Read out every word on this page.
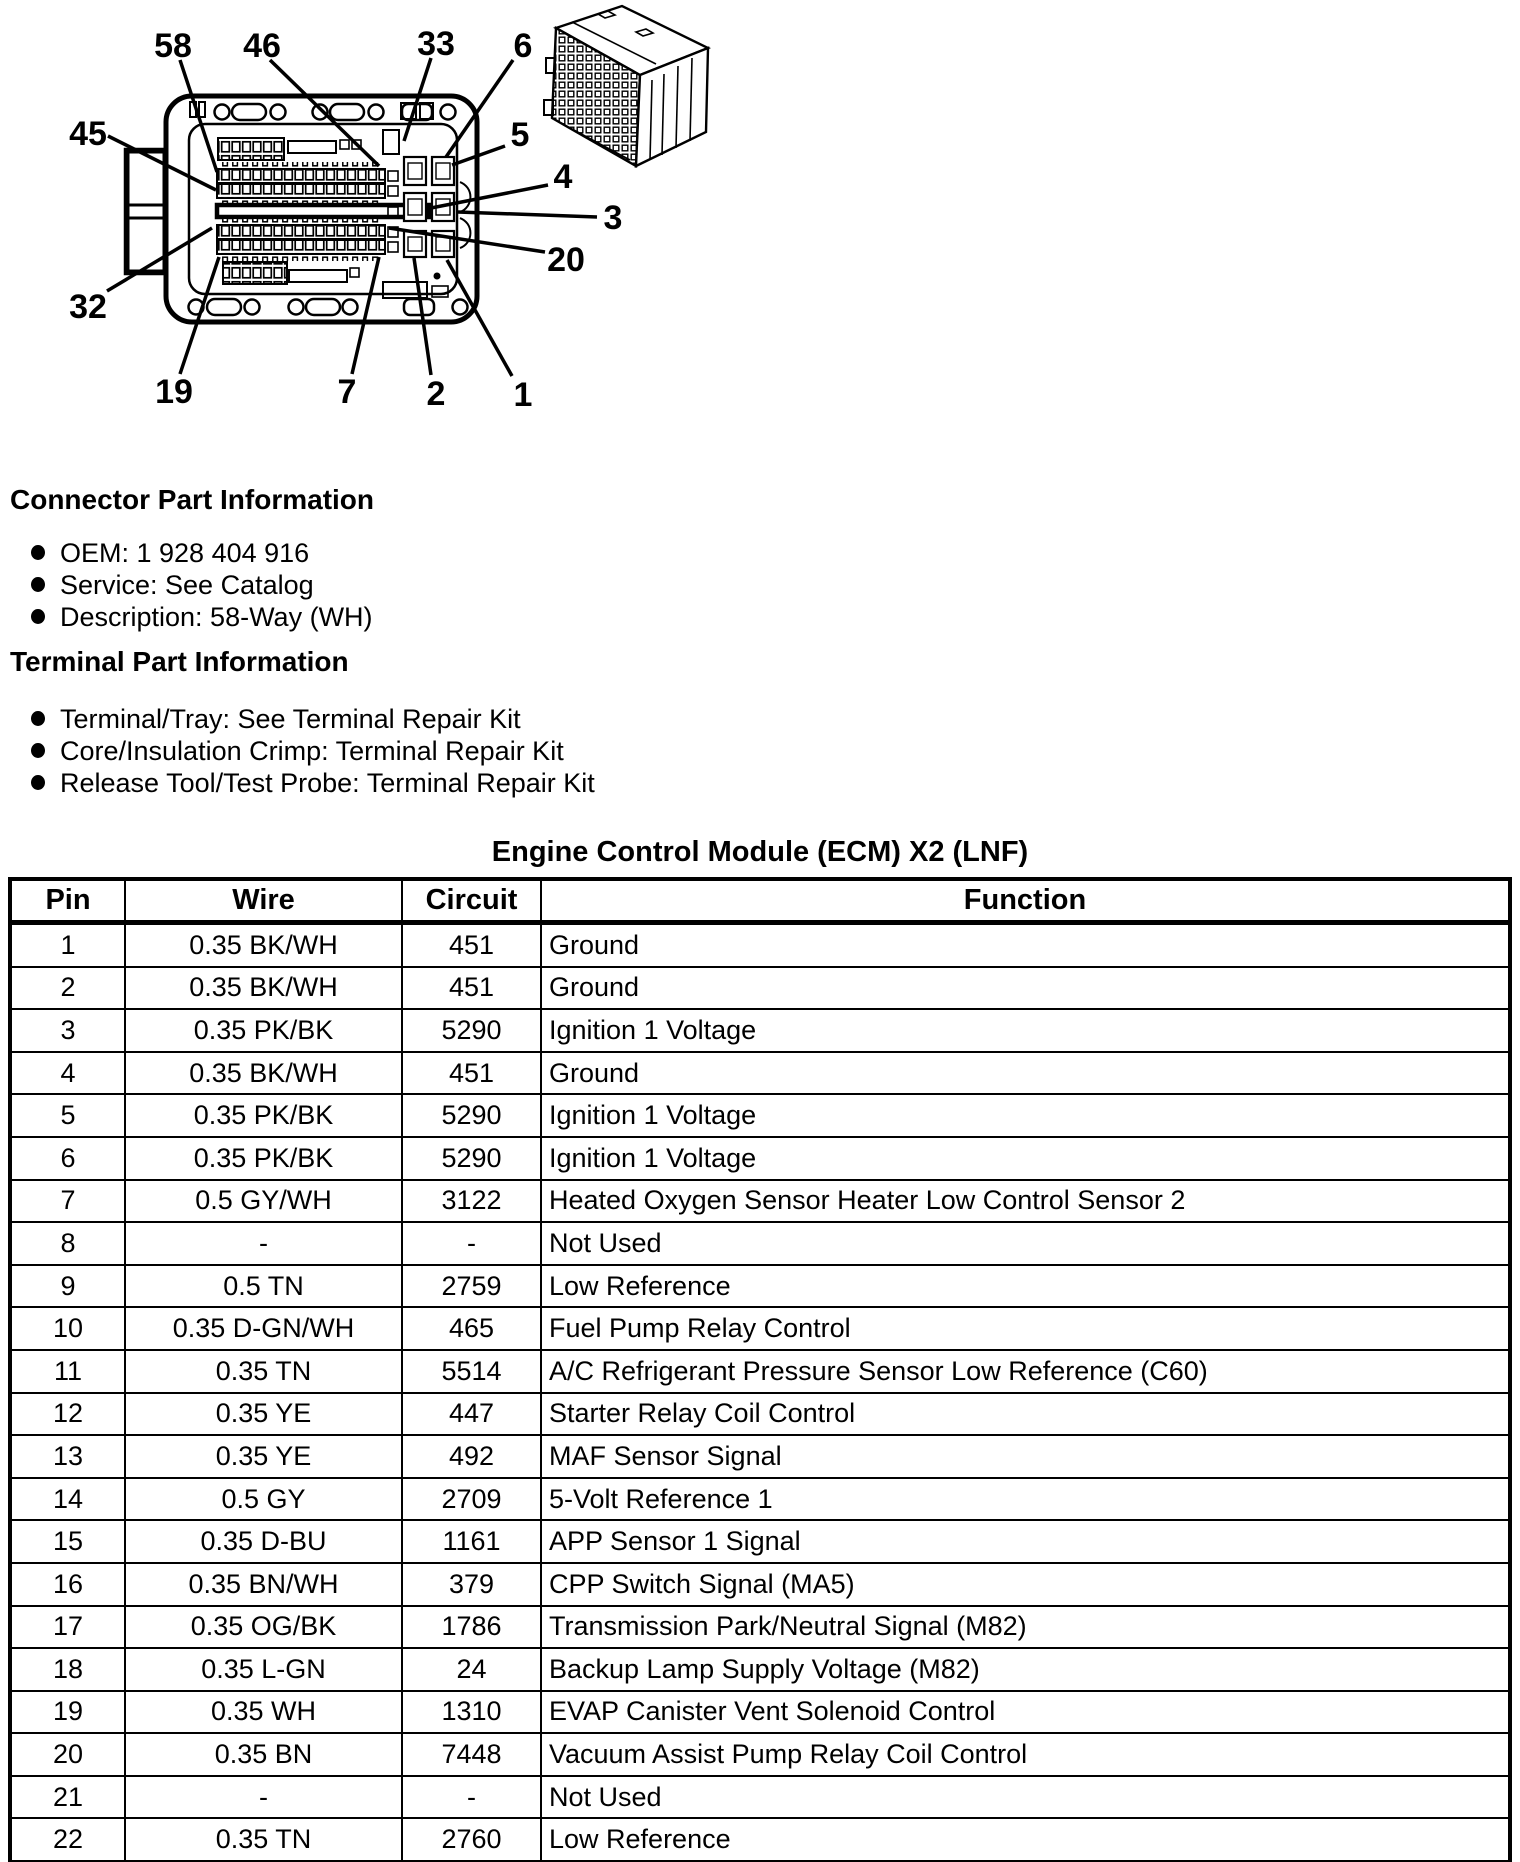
58 46	33 6
45	5
4
3
20
32
19	7 2 1
Connector Part Information
OEM: 1 928 404 916
Service: See Catalog
Description: 58-Way (WH)
Terminal Part Information
Terminal/Tray: See Terminal Repair Kit
Core/Insulation Crimp: Terminal Repair Kit
Release Tool/Test Probe: Terminal Repair Kit
Engine Control Module (ECM) X2 (LNF)
Pin	Wire	Circuit	Function
1	0.35 BK/WH	451	Ground
2	0.35 BK/WH	451	Ground
3	0.35 PK/BK	5290	Ignition 1 Voltage
4	0.35 BK/WH	451	Ground
5	0.35 PK/BK	5290	Ignition 1 Voltage
6	0.35 PK/BK	5290	Ignition 1 Voltage
7	0.5 GY/WH	3122	Heated Oxygen Sensor Heater Low Control Sensor 2
8	-	-	Not Used
9	0.5 TN	2759	Low Reference
10	0.35 D-GN/WH	465	Fuel Pump Relay Control
11	0.35 TN	5514	A/C Refrigerant Pressure Sensor Low Reference (C60)
12	0.35 YE	447	Starter Relay Coil Control
13	0.35 YE	492	MAF Sensor Signal
14	0.5 GY	2709	5-Volt Reference 1
15	0.35 D-BU	1161	APP Sensor 1 Signal
16	0.35 BN/WH	379	CPP Switch Signal (MA5)
17	0.35 OG/BK	1786	Transmission Park/Neutral Signal (M82)
18	0.35 L-GN	24	Backup Lamp Supply Voltage (M82)
19	0.35 WH	1310	EVAP Canister Vent Solenoid Control
20	0.35 BN	7448	Vacuum Assist Pump Relay Coil Control
21	-	-	Not Used
22	0.35 TN	2760	Low Reference
